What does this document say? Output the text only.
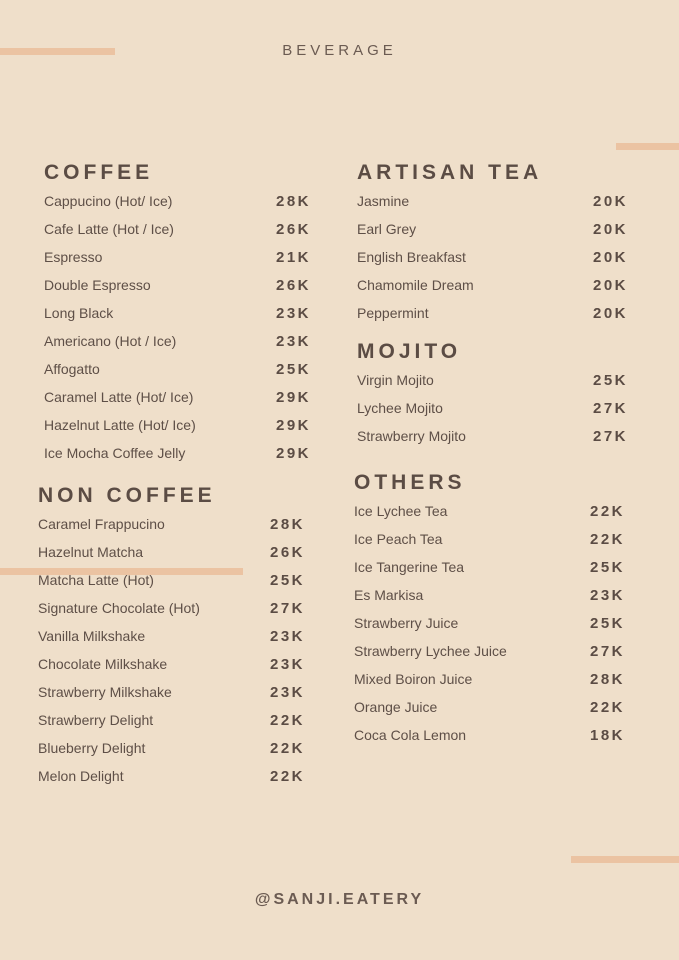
BEVERAGE
COFFEE
Cappucino (Hot/ Ice)	28K
Cafe Latte (Hot / Ice)	26K
Espresso	21K
Double Espresso	26K
Long Black	23K
Americano (Hot / Ice)	23K
Affogatto	25K
Caramel Latte (Hot/ Ice)	29K
Hazelnut Latte (Hot/ Ice)	29K
Ice Mocha Coffee Jelly	29K
NON COFFEE
Caramel Frappucino	28K
Hazelnut Matcha	26K
Matcha Latte (Hot)	25K
Signature Chocolate (Hot)	27K
Vanilla Milkshake	23K
Chocolate Milkshake	23K
Strawberry Milkshake	23K
Strawberry Delight	22K
Blueberry Delight	22K
Melon Delight	22K
ARTISAN TEA
Jasmine	20K
Earl Grey	20K
English Breakfast	20K
Chamomile Dream	20K
Peppermint	20K
MOJITO
Virgin Mojito	25K
Lychee Mojito	27K
Strawberry Mojito	27K
OTHERS
Ice Lychee Tea	22K
Ice Peach Tea	22K
Ice Tangerine Tea	25K
Es Markisa	23K
Strawberry Juice	25K
Strawberry Lychee Juice	27K
Mixed Boiron Juice	28K
Orange Juice	22K
Coca Cola Lemon	18K
@SANJI.EATERY
